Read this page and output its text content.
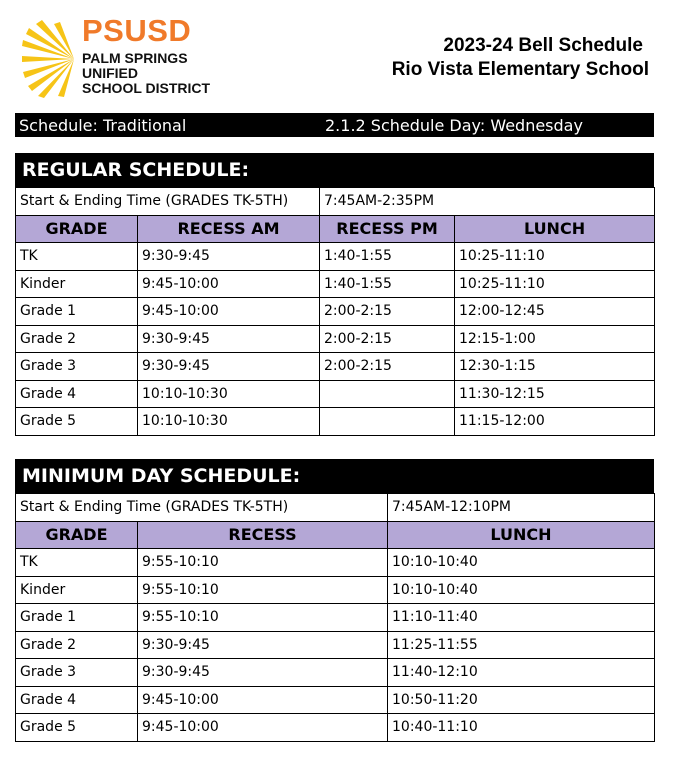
PSUSD
PALM SPRINGS
UNIFIED
SCHOOL DISTRICT
2023-24 Bell Schedule
Rio Vista Elementary School
Schedule: Traditional	2.1.2 Schedule Day: Wednesday
REGULAR SCHEDULE:
Start & Ending Time (GRADES TK-5TH)		7:45AM-2:35PM	
GRADE	RECESS AM	RECESS PM	LUNCH
TK	9:30-9:45	1:40-1:55	10:25-11:10
Kinder	9:45-10:00	1:40-1:55	10:25-11:10
Grade 1	9:45-10:00	2:00-2:15	12:00-12:45
Grade 2	9:30-9:45	2:00-2:15	12:15-1:00
Grade 3	9:30-9:45	2:00-2:15	12:30-1:15
Grade 4	10:10-10:30		11:30-12:15
Grade 5	10:10-10:30		11:15-12:00
MINIMUM DAY SCHEDULE:
Start & Ending Time (GRADES TK-5TH)		7:45AM-12:10PM
GRADE	RECESS	LUNCH
TK	9:55-10:10	10:10-10:40
Kinder	9:55-10:10	10:10-10:40
Grade 1	9:55-10:10	11:10-11:40
Grade 2	9:30-9:45	11:25-11:55
Grade 3	9:30-9:45	11:40-12:10
Grade 4	9:45-10:00	10:50-11:20
Grade 5	9:45-10:00	10:40-11:10
